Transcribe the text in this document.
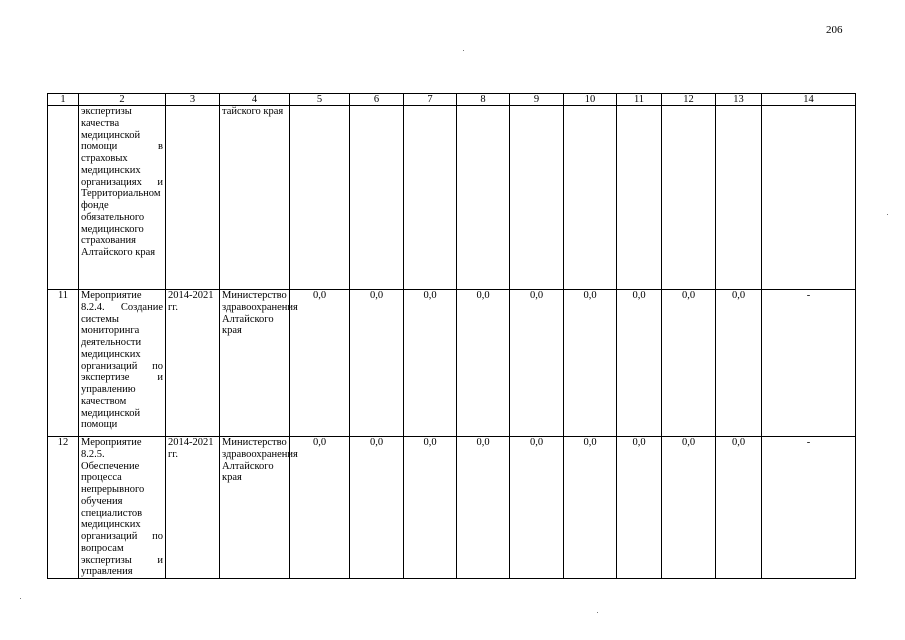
206
1	2	3	4	5	6	7	8	9	10	11	12	13	14
	экспертизы качества медицинской помощи в страховых медицинских организациях и Территориальном фонде обязательного медицинского страхования Алтайского края		тайского края										
11	Мероприятие 8.2.4. Создание системы мониторинга деятельности медицинских организаций по экспертизе и управлению качеством медицинской помощи	2014-2021 гг.	Министерство здравоохранения Алтайского края	0,0	0,0	0,0	0,0	0,0	0,0	0,0	0,0	0,0	-
12	Мероприятие 8.2.5. Обеспечение процесса непрерывного обучения специалистов медицинских организаций по вопросам экспертизы и управления	2014-2021 гг.	Министерство здравоохранения Алтайского края	0,0	0,0	0,0	0,0	0,0	0,0	0,0	0,0	0,0	-
